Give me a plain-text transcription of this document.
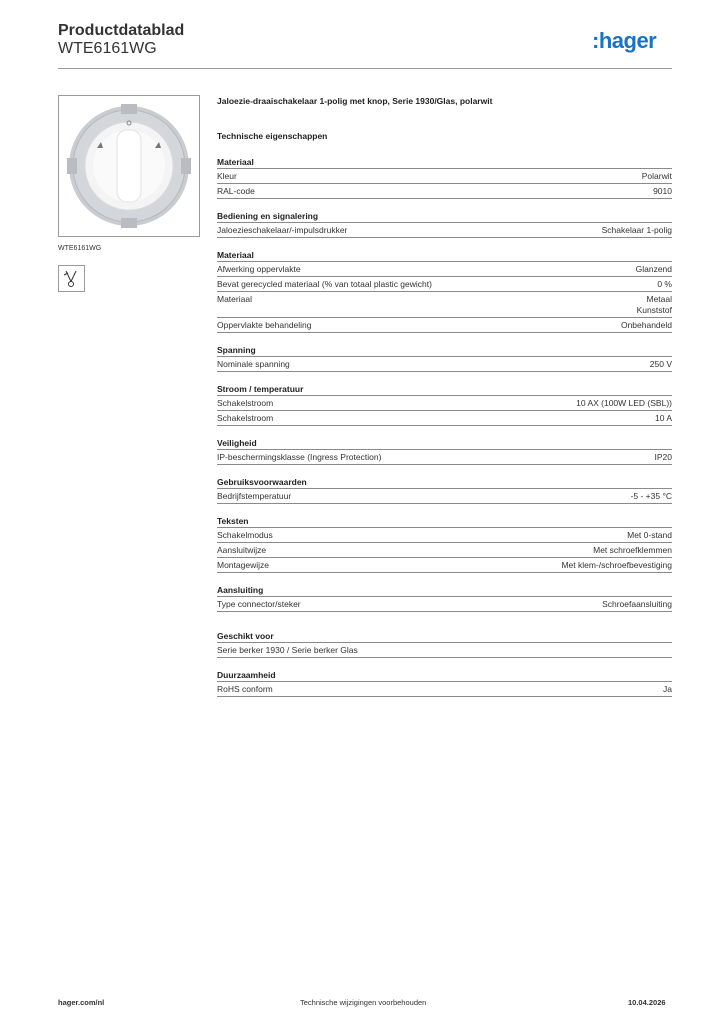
Productdatablad
WTE6161WG	:hager
WTE6161WG
Jaloezie-draaischakelaar 1-polig met knop, Serie 1930/Glas, polarwit
Technische eigenschappen
Materiaal
Kleur	Polarwit
RAL-code	9010
Bediening en signalering
Jaloezieschakelaar/-impulsdrukker	Schakelaar 1-polig
Materiaal
Afwerking oppervlakte	Glanzend
Bevat gerecycled materiaal (% van totaal plastic gewicht)	0 %
Materiaal	Metaal
Kunststof
Oppervlakte behandeling	Onbehandeld
Spanning
Nominale spanning	250 V
Stroom / temperatuur
Schakelstroom	10 AX (100W LED (SBL))
Schakelstroom	10 A
Veiligheid
IP-beschermingsklasse (Ingress Protection)	IP20
Gebruiksvoorwaarden
Bedrijfstemperatuur	-5 - +35 °C
Teksten
Schakelmodus	Met 0-stand
Aansluitwijze	Met schroefklemmen
Montagewijze	Met klem-/schroefbevestiging
Aansluiting
Type connector/steker	Schroefaansluiting
Geschikt voor
Serie berker 1930 / Serie berker Glas
Duurzaamheid
RoHS conform	Ja
hager.com/nl	Technische wijzigingen voorbehouden	10.04.2026
